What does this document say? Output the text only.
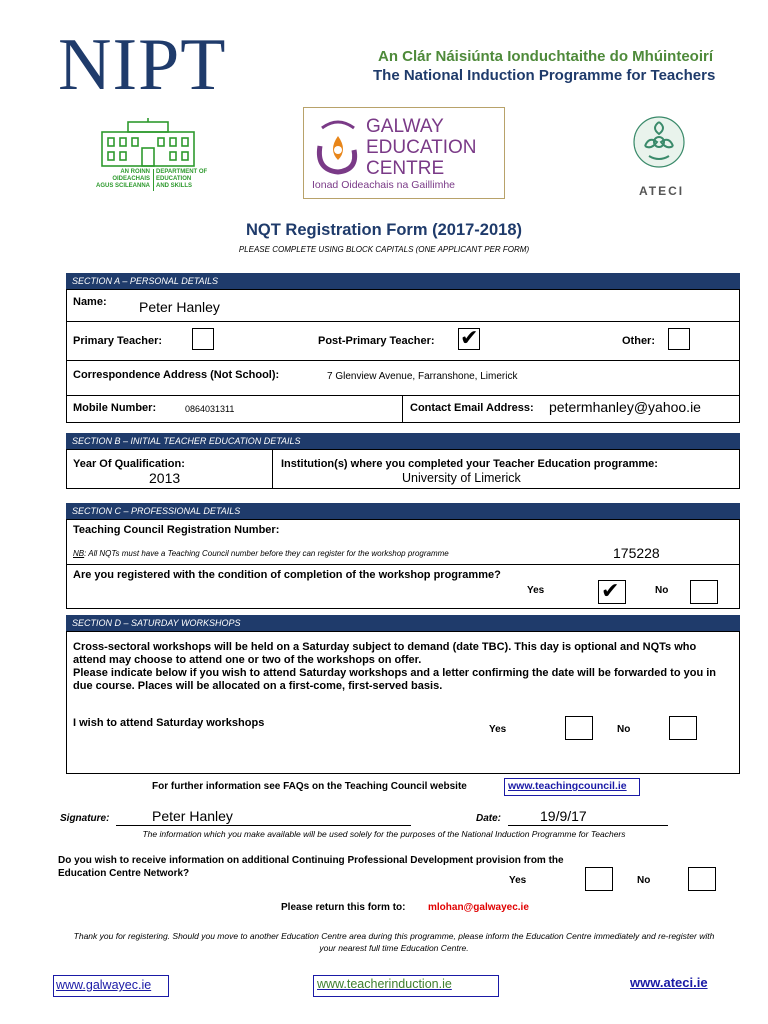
NIPT	An Clár Náisiúnta Ionduchtaithe do Mhúinteoirí
The National Induction Programme for Teachers
AN ROINN
OIDEACHAIS
AGUS SCILEANNA
DEPARTMENT OF
EDUCATION
AND SKILLS
GALWAY
EDUCATION
CENTRE
Ionad Oideachais na Gaillimhe	ATECI
NQT Registration Form (2017-2018)
PLEASE COMPLETE USING BLOCK CAPITALS (ONE APPLICANT PER FORM)
SECTION A – PERSONAL DETAILS
Name: Peter Hanley
Primary Teacher:	Post-Primary Teacher: ✔	Other:
Correspondence Address (Not School):	7 Glenview Avenue, Farranshone, Limerick
Mobile Number:	0864031311	Contact Email Address: petermhanley@yahoo.ie
SECTION B – INITIAL TEACHER EDUCATION DETAILS
Year Of Qualification:
2013
Institution(s) where you completed your Teacher Education programme:
University of Limerick
SECTION C – PROFESSIONAL DETAILS
Teaching Council Registration Number:
NB: All NQTs must have a Teaching Council number before they can register for the workshop programme	175228
Are you registered with the condition of completion of the workshop programme?
Yes	✔	No
SECTION D – SATURDAY WORKSHOPS
Cross-sectoral workshops will be held on a Saturday subject to demand (date TBC). This day is optional and NQTs who attend may choose to attend one or two of the workshops on offer.
Please indicate below if you wish to attend Saturday workshops and a letter confirming the date will be forwarded to you in due course. Places will be allocated on a first-come, first-served basis.
I wish to attend Saturday workshops
Yes	No
For further information see FAQs on the Teaching Council website	www.teachingcouncil.ie
Signature:	Peter Hanley	Date:	19/9/17
The information which you make available will be used solely for the purposes of the National Induction Programme for Teachers
Do you wish to receive information on additional Continuing Professional Development provision from the Education Centre Network?
Yes	No
Please return this form to: mlohan@galwayec.ie
Thank you for registering. Should you move to another Education Centre area during this programme, please inform the Education Centre immediately and re-register with your nearest full time Education Centre.
www.galwayec.ie	www.teacherinduction.ie	www.ateci.ie
